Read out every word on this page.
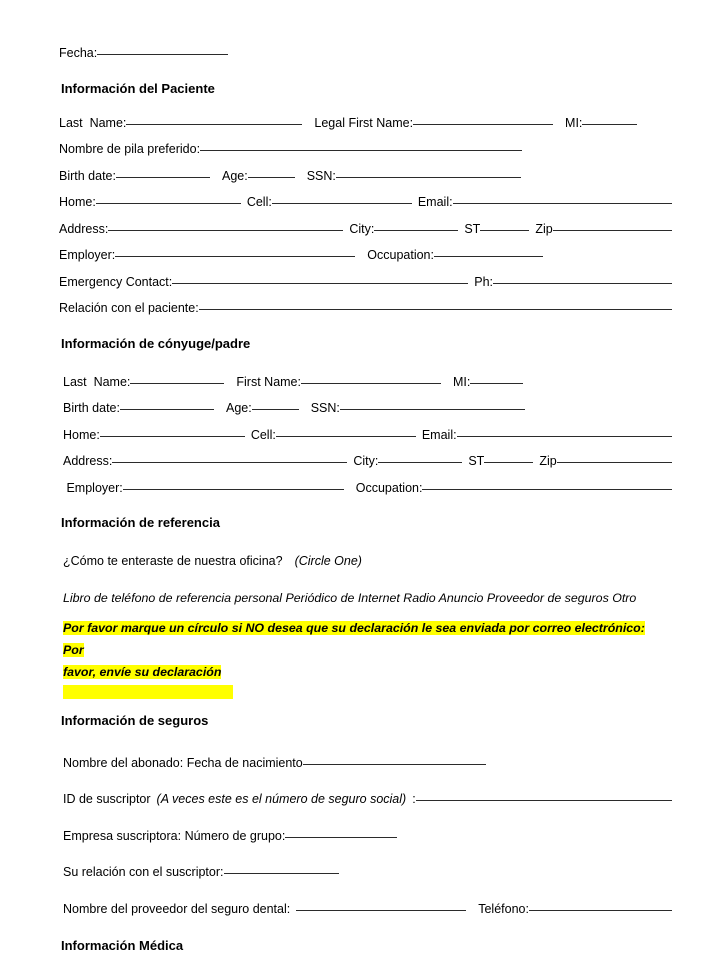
Fecha:
Información del Paciente
Last  Name:	Legal First Name:	MI:
Nombre de pila preferido:
Birth date:	Age:	SSN:
Home:	Cell:	Email:
Address:	City:	ST	Zip
Employer:	Occupation:
Emergency Contact:	Ph:
Relación con el paciente:
Información de cónyuge/padre
Last  Name:	First Name:	MI:
Birth date:	Age:	SSN:
Home:	Cell:	Email:
Address:	City:	ST	Zip
Employer:	Occupation:
Información de referencia
¿Cómo te enteraste de nuestra oficina? (Circle One)
Libro de teléfono de referencia personal Periódico de Internet Radio Anuncio Proveedor de seguros Otro
Por favor marque un círculo si NO desea que su declaración le sea enviada por correo electrónico: Por
favor, envíe su declaración
Información de seguros
Nombre del abonado: Fecha de nacimiento
ID de suscriptor (A veces este es el número de seguro social) :
Empresa suscriptora: Número de grupo:
Su relación con el suscriptor:
Nombre del proveedor del seguro dental:	Teléfono:
Información Médica
